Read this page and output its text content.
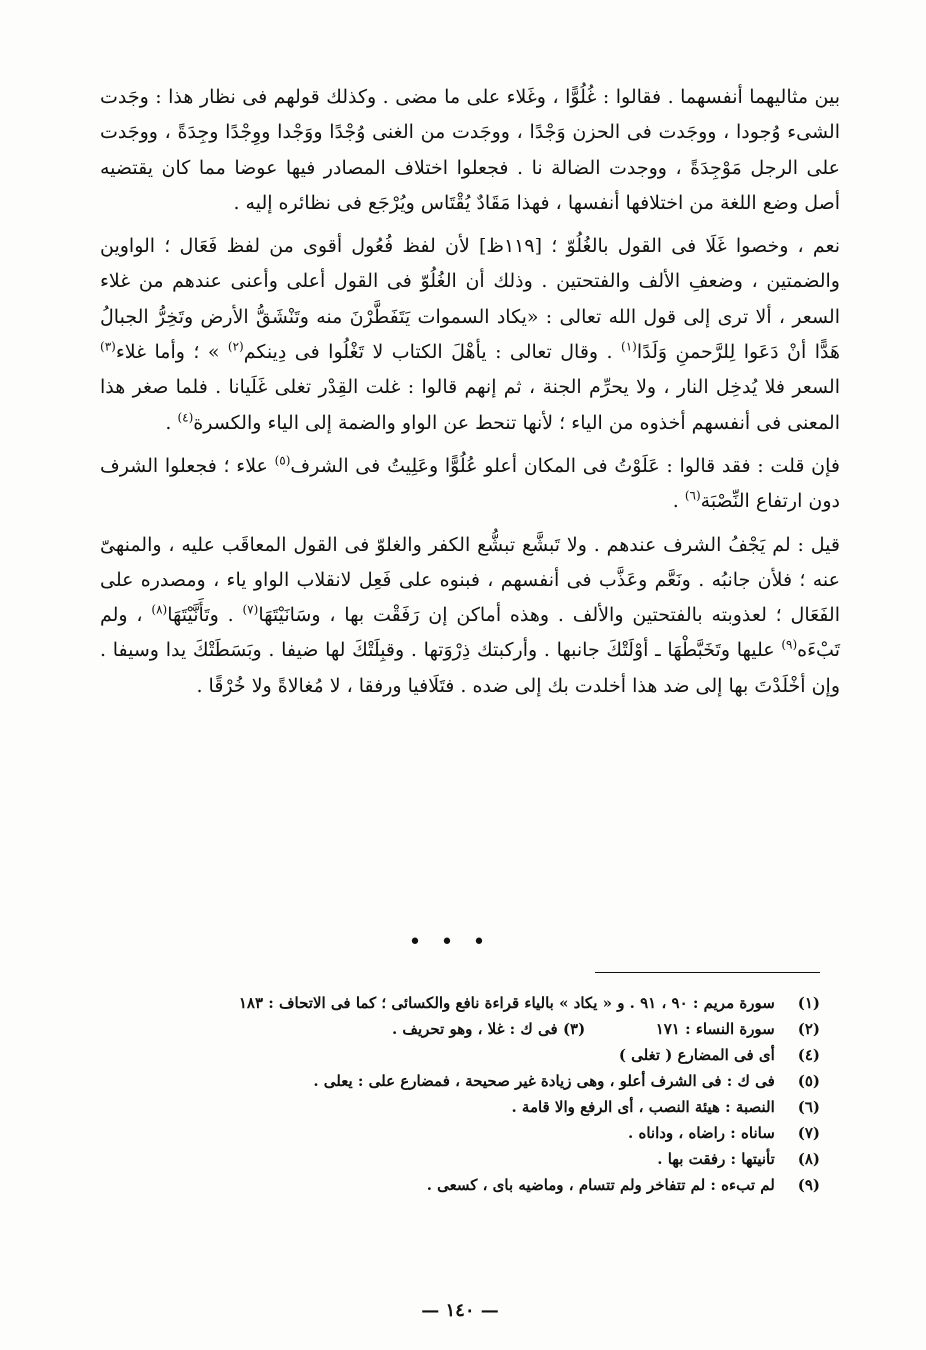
بين مثاليهما أنفسهما . فقالوا : غُلُوًّا ، وغَلاء على ما مضى . وكذلك قولهم فى نظار هذا : وجَدت الشىء وُجودا ، ووجَدت فى الحزن وَجْدًا ، ووجَدت من الغنى وُجْدًا ووَجْدا ووِجْدًا وجِدَةً ، ووجَدت على الرجل مَوْجِدَةً ، ووجدت الضالة نا . فجعلوا اختلاف المصادر فيها عوضا مما كان يقتضيه أصل وضع اللغة من اختلافها أنفسها ، فهذا مَقَادٌ يُقْتَاس ويُرْجَع فى نظائره إليه .

نعم ، وخصوا غَلَا فى القول بالغُلُوّ ؛ [١١٩ظ] لأن لفظ فُعُول أقوى من لفظ فَعَال ؛ الواوين والضمتين ، وضعفِ الألف والفتحتين . وذلك أن الغُلُوّ فى القول أعلى وأعنى عندهم من غلاء السعر ، ألا ترى إلى قول الله تعالى : «يكاد السموات يَتَفَطَّرْنَ منه وتَنْشَقُّ الأرض وتَخِرُّ الجبالُ هَدًّا أنْ دَعَوا لِلرَّحمنِ وَلَدًا$^{(١)}$ . وقال تعالى : يأهْلَ الكتاب لا تَغْلُوا فى دِينكم$^{(٢)}$ » ؛ وأما غلاء$^{(٣)}$ السعر فلا يُدخِل النار ، ولا يحرِّم الجنة ، ثم إنهم قالوا : غلت القِدْر تغلى غَلَيانا . فلما صغر هذا المعنى فى أنفسهم أخذوه من الياء ؛ لأنها تنحط عن الواو والضمة إلى الياء والكسرة$^{(٤)}$ .

فإن قلت : فقد قالوا : عَلَوْتُ فى المكان أعلو عُلُوًّا وعَلِيتُ فى الشرف$^{(٥)}$ علاء ؛ فجعلوا الشرف دون ارتفاع النِّصْبَة$^{(٦)}$ .

قيل : لم يَجْفُ الشرف عندهم . ولا تَبشَّع تبشُّع الكفر والغلوّ فى القول المعاقَب عليه ، والمنهىّ عنه ؛ فلأن جانبُه . ونَعَّم وعَذَّب فى أنفسهم ، فبنوه على فَعِل لانقلاب الواو ياء ، ومصدره على الفَعَال ؛ لعذوبته بالفتحتين والألف . وهذه أماكن إن رَفَقْت بها ، وسَانَيْتَهَا$^{(٧)}$ . وتَأَنَّيْتَهَا$^{(٨)}$ ، ولم تَبْءَه$^{(٩)}$ عليها وتَخَبَّطْهَا ـ أوْلَتْكَ جانبها . وأركبتك ذِرْوَتها . وقبِلَتْكَ لها ضيفا . وبَسَطَتْكَ يدا وسيفا . وإن أخْلَدْتَ بها إلى ضد هذا أخلدت بك إلى ضده . فتَلَافيا ورفقا ، لا مُغالاةً ولا خُرْقًا .

• • •

(١) سورة مريم : ٩٠ ، ٩١ . و « يكاد » بالياء قراءة نافع والكسائى ؛ كما فى الاتحاف : ١٨٣

(٢) سورة النساء : ١٧١  (٣) فى ك : غلا ، وهو تحريف .

(٤) أى فى المضارع ( تغلى )

(٥) فى ك : فى الشرف أعلو ، وهى زيادة غير صحيحة ، فمضارع على : يعلى .

(٦) النصبة : هيئة النصب ، أى الرفع والا قامة .

(٧) ساناه : راضاه ، وداناه .

(٨) تأنيتها : رفقت بها .

(٩) لم تبءه : لم تتفاخر ولم تتسام ، وماضيه باى ، كسعى .

— ١٤٠ —
